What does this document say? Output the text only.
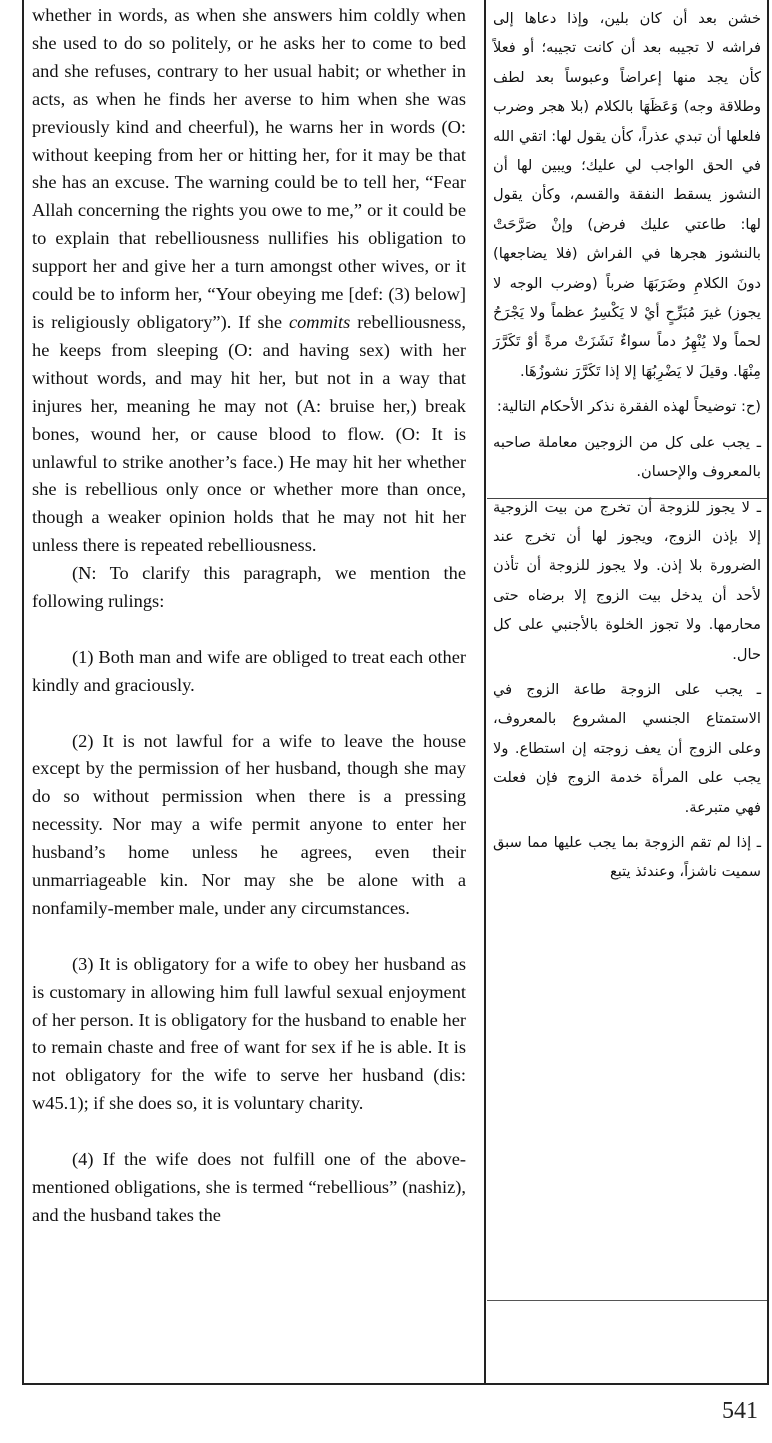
whether in words, as when she answers him coldly when she used to do so politely, or he asks her to come to bed and she refuses, contrary to her usual habit; or whether in acts, as when he finds her averse to him when she was previously kind and cheerful), he warns her in words (O: without keeping from her or hitting her, for it may be that she has an excuse. The warning could be to tell her, “Fear Allah concerning the rights you owe to me,” or it could be to explain that rebelliousness nullifies his obligation to support her and give her a turn amongst other wives, or it could be to inform her, “Your obeying me [def: (3) below] is religiously obligatory”). If she commits rebelliousness, he keeps from sleeping (O: and having sex) with her without words, and may hit her, but not in a way that injures her, meaning he may not (A: bruise her,) break bones, wound her, or cause blood to flow. (O: It is unlawful to strike another’s face.) He may hit her whether she is rebellious only once or whether more than once, though a weaker opinion holds that he may not hit her unless there is repeated rebelliousness.

(N: To clarify this paragraph, we mention the following rulings:

(1) Both man and wife are obliged to treat each other kindly and graciously.

(2) It is not lawful for a wife to leave the house except by the permission of her husband, though she may do so without permission when there is a pressing necessity. Nor may a wife permit anyone to enter her husband’s home unless he agrees, even their unmarriageable kin. Nor may she be alone with a nonfamily-member male, under any circumstances.

(3) It is obligatory for a wife to obey her husband as is customary in allowing him full lawful sexual enjoyment of her person. It is obligatory for the husband to enable her to remain chaste and free of want for sex if he is able. It is not obligatory for the wife to serve her husband (dis: w45.1); if she does so, it is voluntary charity.

(4) If the wife does not fulfill one of the above-mentioned obligations, she is termed “rebellious” (nashiz), and the husband takes the

خشن بعد أن كان بلين، وإذا دعاها إلى فراشه لا تجيبه بعد أن كانت تجيبه؛ أو فعلاً كأن يجد منها إعراضاً وعبوساً بعد لطف وطلاقة وجه) وَعَظَهَا بالكلام (بلا هجر وضرب فلعلها أن تبدي عذراً، كأن يقول لها: اتقي الله في الحق الواجب لي عليك؛ ويبين لها أن النشوز يسقط النفقة والقسم، وكأن يقول لها: طاعتي عليك فرض) وإنْ صَرَّحَتْ بالنشوز هجرها في الفراش (فلا يضاجعها) دونَ الكلامِ وضَرَبَهَا ضرباً (وضرب الوجه لا يجوز) غيرَ مُبَرِّحٍ أيْ لا يَكْسِرُ عظماً ولا يَجْرَحُ لحماً ولا يُنْهِرُ دماً سواءٌ نَشَزَتْ مرةً أوْ تَكَرَّرَ مِنْهَا. وقيلَ لا يَضْرِبُهَا إلا إذا تَكَرَّرَ نشوزُهَا.

(ح: توضيحاً لهذه الفقرة نذكر الأحكام التالية:

ـ يجب على كل من الزوجين معاملة صاحبه بالمعروف والإحسان.

ـ لا يجوز للزوجة أن تخرج من بيت الزوجية إلا بإذن الزوج، ويجوز لها أن تخرج عند الضرورة بلا إذن. ولا يجوز للزوجة أن تأذن لأحد أن يدخل بيت الزوج إلا برضاه حتى محارمها. ولا تجوز الخلوة بالأجنبي على كل حال.

ـ يجب على الزوجة طاعة الزوج في الاستمتاع الجنسي المشروع بالمعروف، وعلى الزوج أن يعف زوجته إن استطاع. ولا يجب على المرأة خدمة الزوج فإن فعلت فهي متبرعة.

ـ إذا لم تقم الزوجة بما يجب عليها مما سبق سميت ناشزاً، وعندئذ يتبع

541
